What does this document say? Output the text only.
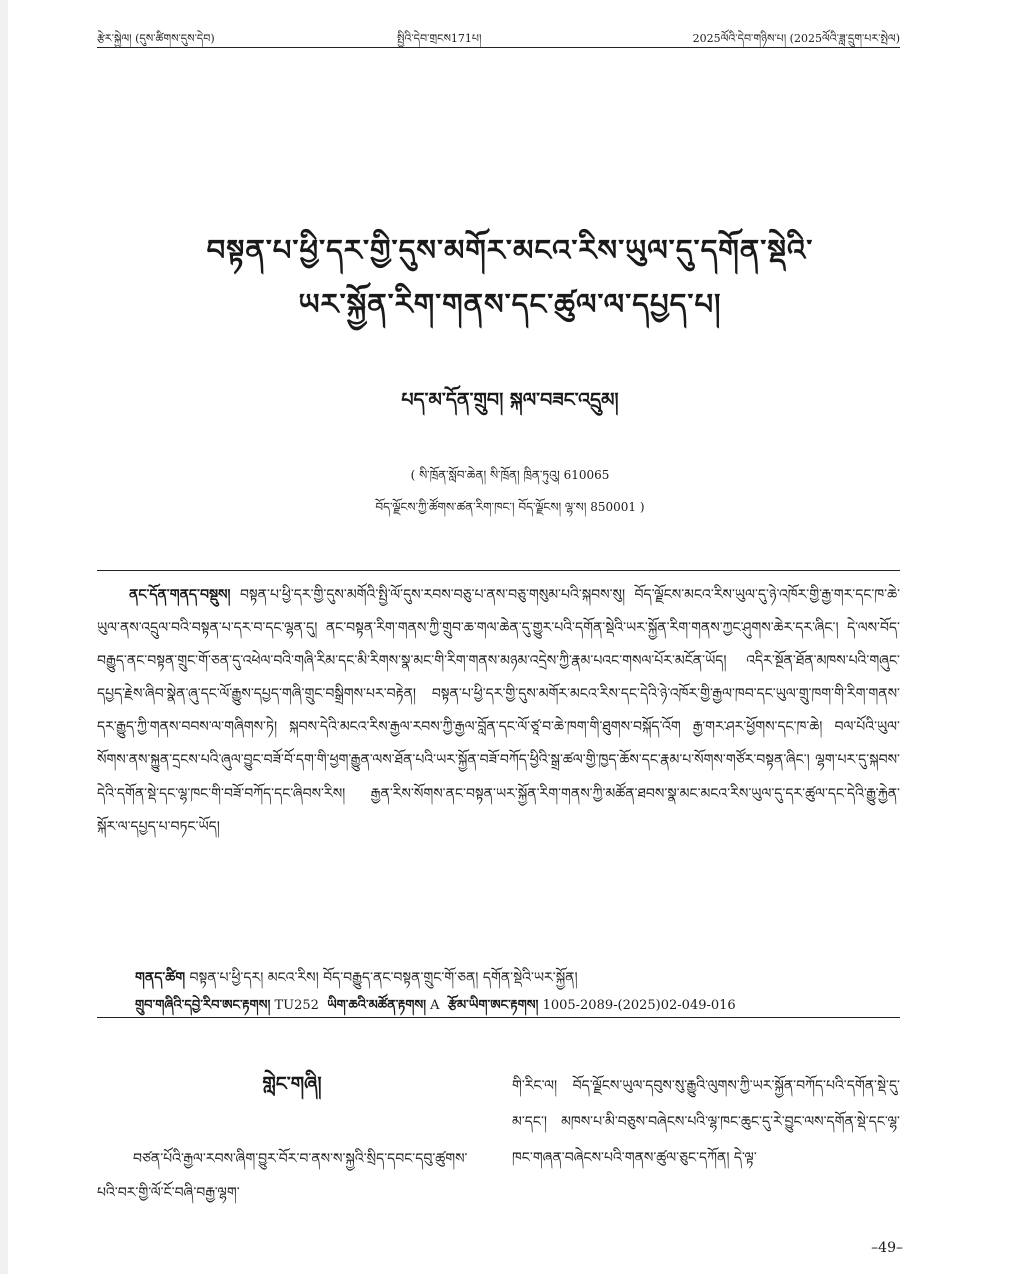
རྩེར་སྐྱེལ། (དུས་ཚིགས་དུས་དེབ)	སྤྱིའི་དེབ་གྲངས171པ།	2025ལོའི་དེབ་གཉིས་པ། (2025ལོའི་ཟླ་དྲུག་པར་སྤེལ)
བསྟན་པ་ཕྱི་དར་གྱི་དུས་མགོར་མངའ་རིས་ཡུལ་དུ་དགོན་སྡེའི་
ཡར་སྐྱོན་རིག་གནས་དང་ཚུལ་ལ་དཔྱད་པ།
པད་མ་དོན་གྲུབ། སྐལ་བཟང་འདྲུམ།
( སི་ཁྲོན་སློབ་ཆེན། སི་ཁྲོན། ཁྲིན་ཏུའུ། 610065
བོད་ལྗོངས་ཀྱི་ཚོགས་ཚན་རིག་ཁང་། བོད་ལྗོངས། ལྷ་ས། 850001 )
ནང་དོན་གནད་བསྡུས། བསྟན་པ་ཕྱི་དར་གྱི་དུས་མགོའི་སྤྱི་ལོ་དུས་རབས་བཅུ་པ་ནས་བཅུ་གསུམ་པའི་སྐབས་སུ། བོད་ལྗོངས་མངའ་རིས་ཡུལ་དུ་ཉེ་འཁོར་གྱི་རྒྱ་གར་དང་ཁ་ཆེ་ཡུལ་ནས་འདྲུལ་བའི་བསྟན་པ་དར་བ་དང་ལྷན་དུ། ནང་བསྟན་རིག་གནས་ཀྱི་གྲུབ་ཆ་གལ་ཆེན་དུ་གྱུར་པའི་དགོན་སྡེའི་ཡར་སྐྱོན་རིག་གནས་ཀྱང་ཤུགས་ཆེར་དར་ཞིང་། དེ་ལས་བོད་བརྒྱུད་ནང་བསྟན་གྲུང་གོ་ཅན་དུ་འཕེལ་བའི་གཞི་རིམ་དང་མི་རིགས་སྣ་མང་གི་རིག་གནས་མཉམ་འདྲེས་ཀྱི་རྣམ་པའང་གསལ་པོར་མངོན་ཡོད། འདིར་སྔོན་ཐོན་མཁས་པའི་གཞུང་དཔྱད་རྗེས་ཞིབ་སྣེན་ཞུ་དང་ལོ་རྒྱུས་དཔྱད་གཞི་གྲུང་བསྒྲིགས་པར་བརྟེན། བསྟན་པ་ཕྱི་དར་གྱི་དུས་མགོར་མངའ་རིས་དང་དེའི་ཉེ་འཁོར་གྱི་རྒྱལ་ཁབ་དང་ཡུལ་གྲུ་ཁག་གི་རིག་གནས་དར་རྒྱུད་ཀྱི་གནས་བབས་ལ་གཞིགས་ཏེ། སྐབས་དེའི་མངའ་རིས་རྒྱལ་རབས་ཀྱི་རྒྱལ་བློན་དང་ལོ་ཙཱ་བ་ཆེ་ཁག་གི་ཐུགས་བསྐོད་འོག རྒྱ་གར་ཤར་ཕྱོགས་དང་ཁ་ཆེ། བལ་པོའི་ཡུལ་སོགས་ནས་སྐྱུན་དྲངས་པའི་ཞུལ་བྱུང་བཟོ་བོ་དག་གི་ཕྱག་རྒྱུན་ལས་ཐོན་པའི་ཡར་སྐྱོན་བཟོ་བཀོད་ཕྱིའི་སྒྲ་ཚལ་གྱི་ཁྱད་ཆོས་དང་རྣམ་པ་སོགས་གཙོར་བསྟན་ཞིང་། ལྷག་པར་དུ་སྐབས་དེའི་དགོན་སྡེ་དང་ལྷ་ཁང་གི་བཟོ་བཀོད་དང་ཞིབས་རིས། རྒྱན་རིས་སོགས་ནང་བསྟན་ཡར་སྐྱོན་རིག་གནས་ཀྱི་མཚོན་ཐབས་སྣ་མང་མངའ་རིས་ཡུལ་དུ་དར་ཚུལ་དང་དེའི་རྒྱུ་རྐྱེན་སྐོར་ལ་དཔྱད་པ་བཏང་ཡོད།
གནད་ཚིག བསྟན་པ་ཕྱི་དར། མངའ་རིས། བོད་བརྒྱུད་ནང་བསྟན་གྲུང་གོ་ཅན། དགོན་སྡེའི་ཡར་སྐྱོན།
གྲུབ་གཞིའི་དབྱེ་རིབ་ཨང་རྟགས། TU252 ཡིག་ཆའི་མཚོན་རྟགས། A རྩོམ་ཡིག་ཨང་རྟགས། 1005-2089-(2025)02-049-016
གླེང་གཞི།
བཙན་པོའི་རྒྱལ་རབས་ཞིག་བྱུར་བོར་བ་ནས་ས་སྐྱའི་སྲིད་དབང་དབུ་ཚུགས་པའི་བར་གྱི་ལོ་ངོ་བཞི་བརྒྱ་ལྷག་
གི་རིང་ལ། བོད་ལྗོངས་ཡུལ་དབུས་སུ་རྒྱུའི་ལུགས་ཀྱི་ཡར་སྐྱོན་བཀོད་པའི་དགོན་སྡེ་དུ་མ་དང་། མཁས་པ་མི་བཅུས་བཞེངས་པའི་ལྷ་ཁང་ཆུང་དུ་རེ་བྱུང་ལས་དགོན་སྡེ་དང་ལྷ་ཁང་གཞན་བཞེངས་པའི་གནས་ཚུལ་ཅུང་དཀོན། དེ་ལྟ་
–49–
